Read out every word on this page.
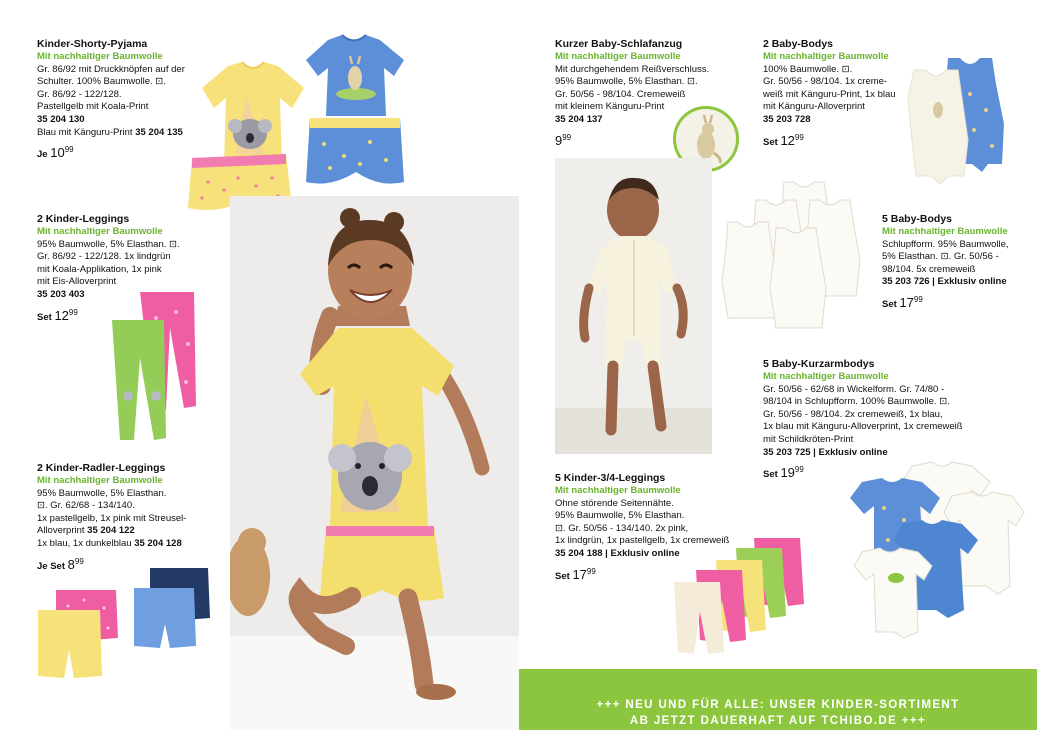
Kinder-Shorty-Pyjama
Mit nachhaltiger Baumwolle
Gr. 86/92 mit Druckknöpfen auf der
Schulter. 100% Baumwolle. ⊡.
Gr. 86/92 - 122/128.
Pastellgelb mit Koala-Print
35 204 130
Blau mit Känguru-Print 35 204 135
Je $10^{99}$
2 Kinder-Leggings
Mit nachhaltiger Baumwolle
95% Baumwolle, 5% Elasthan. ⊡.
Gr. 86/92 - 122/128. 1x lindgrün
mit Koala-Applikation, 1x pink
mit Eis-Alloverprint
35 203 403
Set $12^{99}$
2 Kinder-Radler-Leggings
Mit nachhaltiger Baumwolle
95% Baumwolle, 5% Elasthan.
⊡. Gr. 62/68 - 134/140.
1x pastellgelb, 1x pink mit Streusel-
Alloverprint 35 204 122
1x blau, 1x dunkelblau 35 204 128
Je Set $8^{99}$
Kurzer Baby-Schlafanzug
Mit nachhaltiger Baumwolle
Mit durchgehendem Reißverschluss.
95% Baumwolle, 5% Elasthan. ⊡.
Gr. 50/56 - 98/104. Cremeweiß
mit kleinem Känguru-Print
35 204 137
$9^{99}$
2 Baby-Bodys
Mit nachhaltiger Baumwolle
100% Baumwolle. ⊡.
Gr. 50/56 - 98/104. 1x creme-
weiß mit Känguru-Print, 1x blau
mit Känguru-Alloverprint
35 203 728
Set $12^{99}$
5 Baby-Bodys
Mit nachhaltiger Baumwolle
Schlupfform. 95% Baumwolle,
5% Elasthan. ⊡. Gr. 50/56 -
98/104. 5x cremeweiß
35 203 726 | Exklusiv online
Set $17^{99}$
5 Baby-Kurzarmbodys
Mit nachhaltiger Baumwolle
Gr. 50/56 - 62/68 in Wickelform. Gr. 74/80 -
98/104 in Schlupfform. 100% Baumwolle. ⊡.
Gr. 50/56 - 98/104. 2x cremeweiß, 1x blau,
1x blau mit Känguru-Alloverprint, 1x cremeweiß
mit Schildkröten-Print
35 203 725 | Exklusiv online
Set $19^{99}$
5 Kinder-3/4-Leggings
Mit nachhaltiger Baumwolle
Ohne störende Seitennähte.
95% Baumwolle, 5% Elasthan.
⊡. Gr. 50/56 - 134/140. 2x pink,
1x lindgrün, 1x pastellgelb, 1x cremeweiß
35 204 188 | Exklusiv online
Set $17^{99}$
+++ NEU UND FÜR ALLE: UNSER KINDER-SORTIMENT
AB JETZT DAUERHAFT AUF TCHIBO.DE +++
